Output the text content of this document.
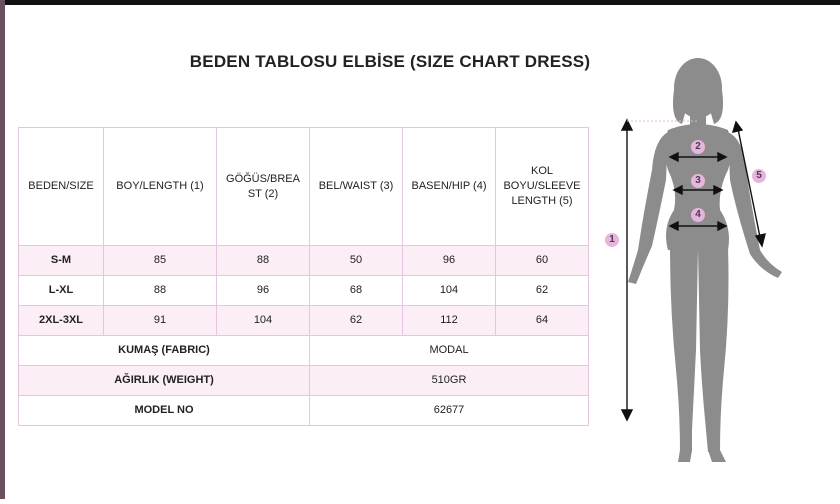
BEDEN TABLOSU ELBİSE (SIZE CHART DRESS)
BEDEN/SIZE	BOY/LENGTH (1)	GÖĞÜS/BREA ST (2)	BEL/WAIST (3)	BASEN/HIP (4)	KOL BOYU/SLEEVE LENGTH (5)
S-M	85	88	50	96	60
L-XL	88	96	68	104	62
2XL-3XL	91	104	62	112	64
KUMAŞ (FABRIC)			MODAL		
AĞIRLIK (WEIGHT)			510GR		
MODEL NO			62677		
1
2
3
4
5
